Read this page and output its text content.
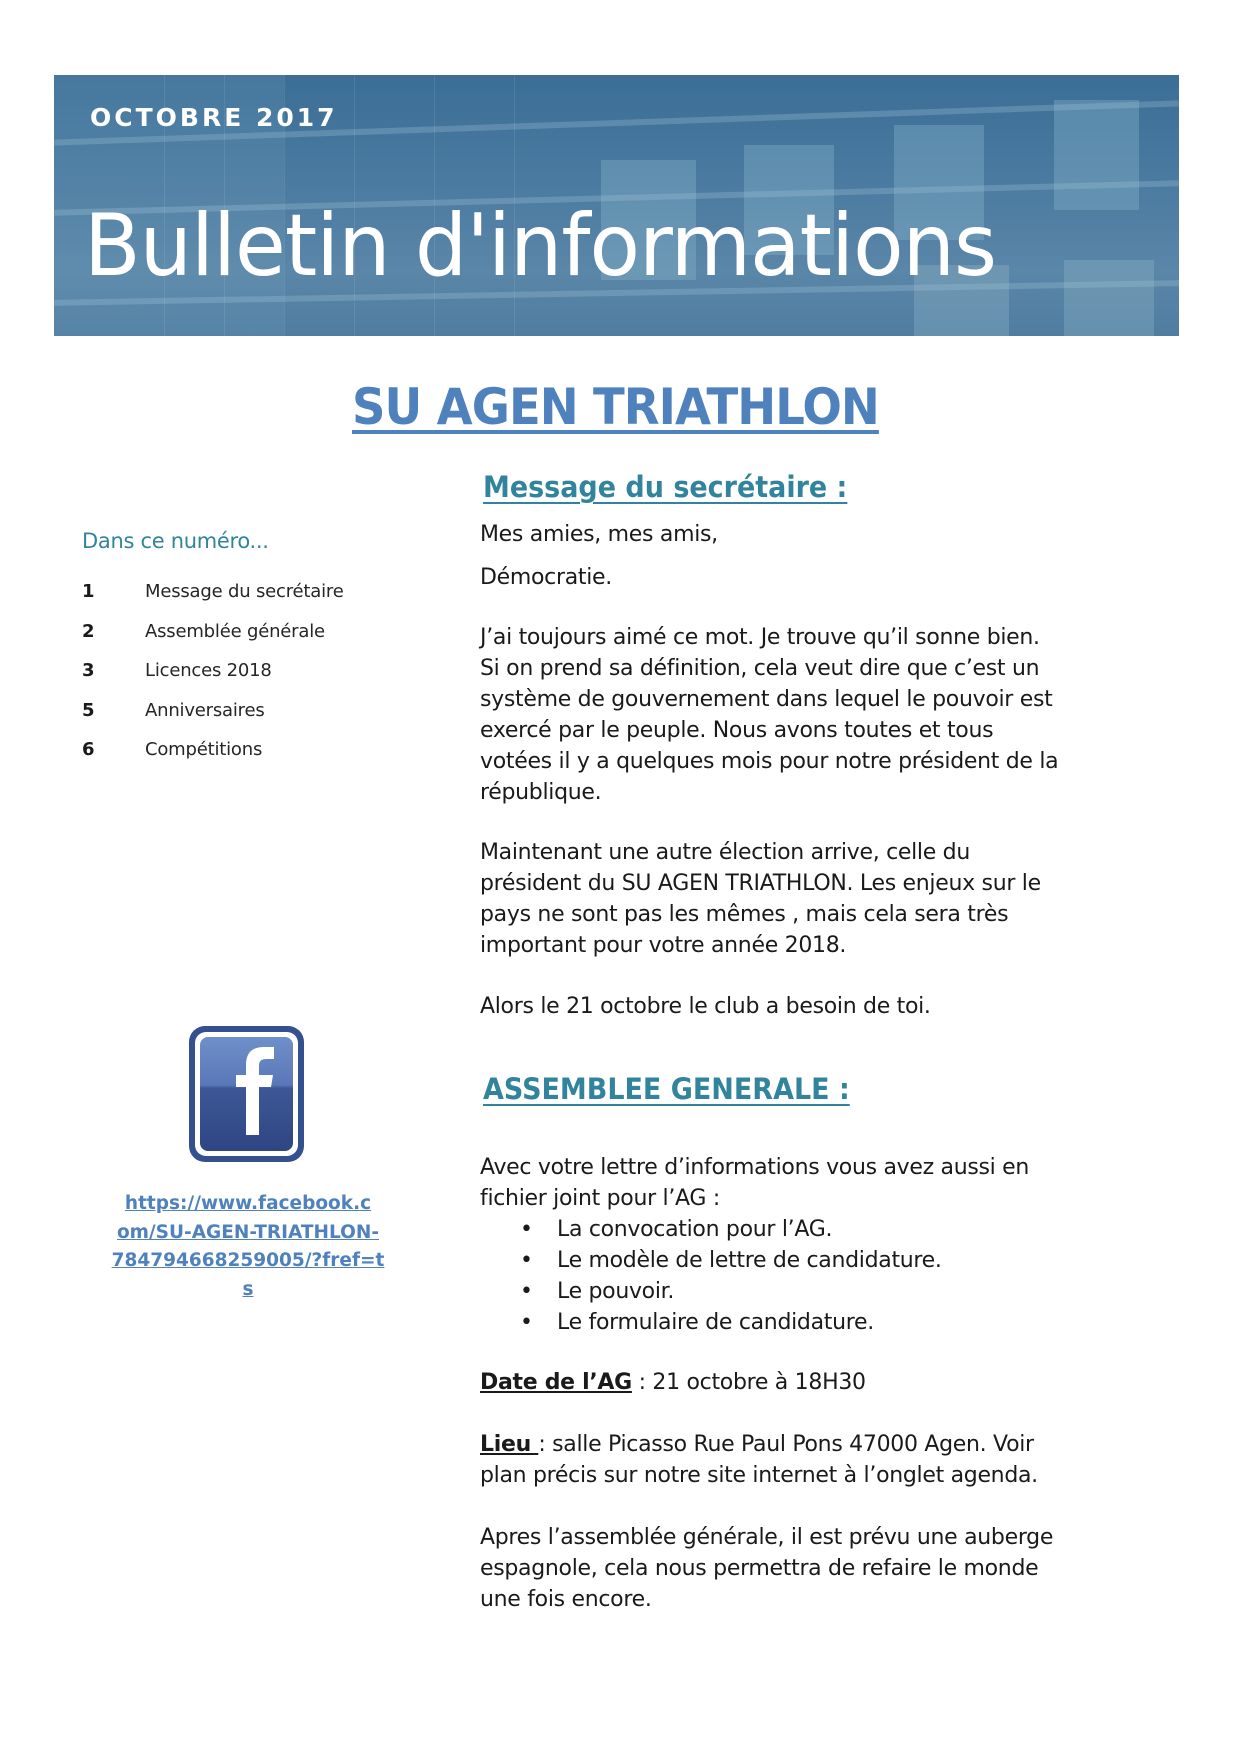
OCTOBRE 2017
Bulletin d'informations
SU AGEN TRIATHLON
Dans ce numéro...
1	Message du secrétaire
2	Assemblée générale
3	Licences 2018
5	Anniversaires
6	Compétitions
https://www.facebook.c
om/SU-AGEN-TRIATHLON-
784794668259005/?fref=ts
Message du secrétaire :

Mes amies, mes amis,

Démocratie.

J’ai toujours aimé ce mot. Je trouve qu’il sonne bien.

Si on prend sa définition, cela veut dire que c’est un

système de gouvernement dans lequel le pouvoir est

exercé par le peuple. Nous avons toutes et tous

votées il y a quelques mois pour notre président de la

république.

Maintenant une autre élection arrive, celle du

président du SU AGEN TRIATHLON. Les enjeux sur le

pays ne sont pas les mêmes , mais cela sera très

important pour votre année 2018.

Alors le 21 octobre le club a besoin de toi.

ASSEMBLEE GENERALE :

Avec votre lettre d’informations vous avez aussi en

fichier joint pour l’AG :

• La convocation pour l’AG.
• Le modèle de lettre de candidature.
• Le pouvoir.
• Le formulaire de candidature.

Date de l’AG : 21 octobre à 18H30

Lieu : salle Picasso Rue Paul Pons 47000 Agen. Voir

plan précis sur notre site internet à l’onglet agenda.

Apres l’assemblée générale, il est prévu une auberge

espagnole, cela nous permettra de refaire le monde

une fois encore.
